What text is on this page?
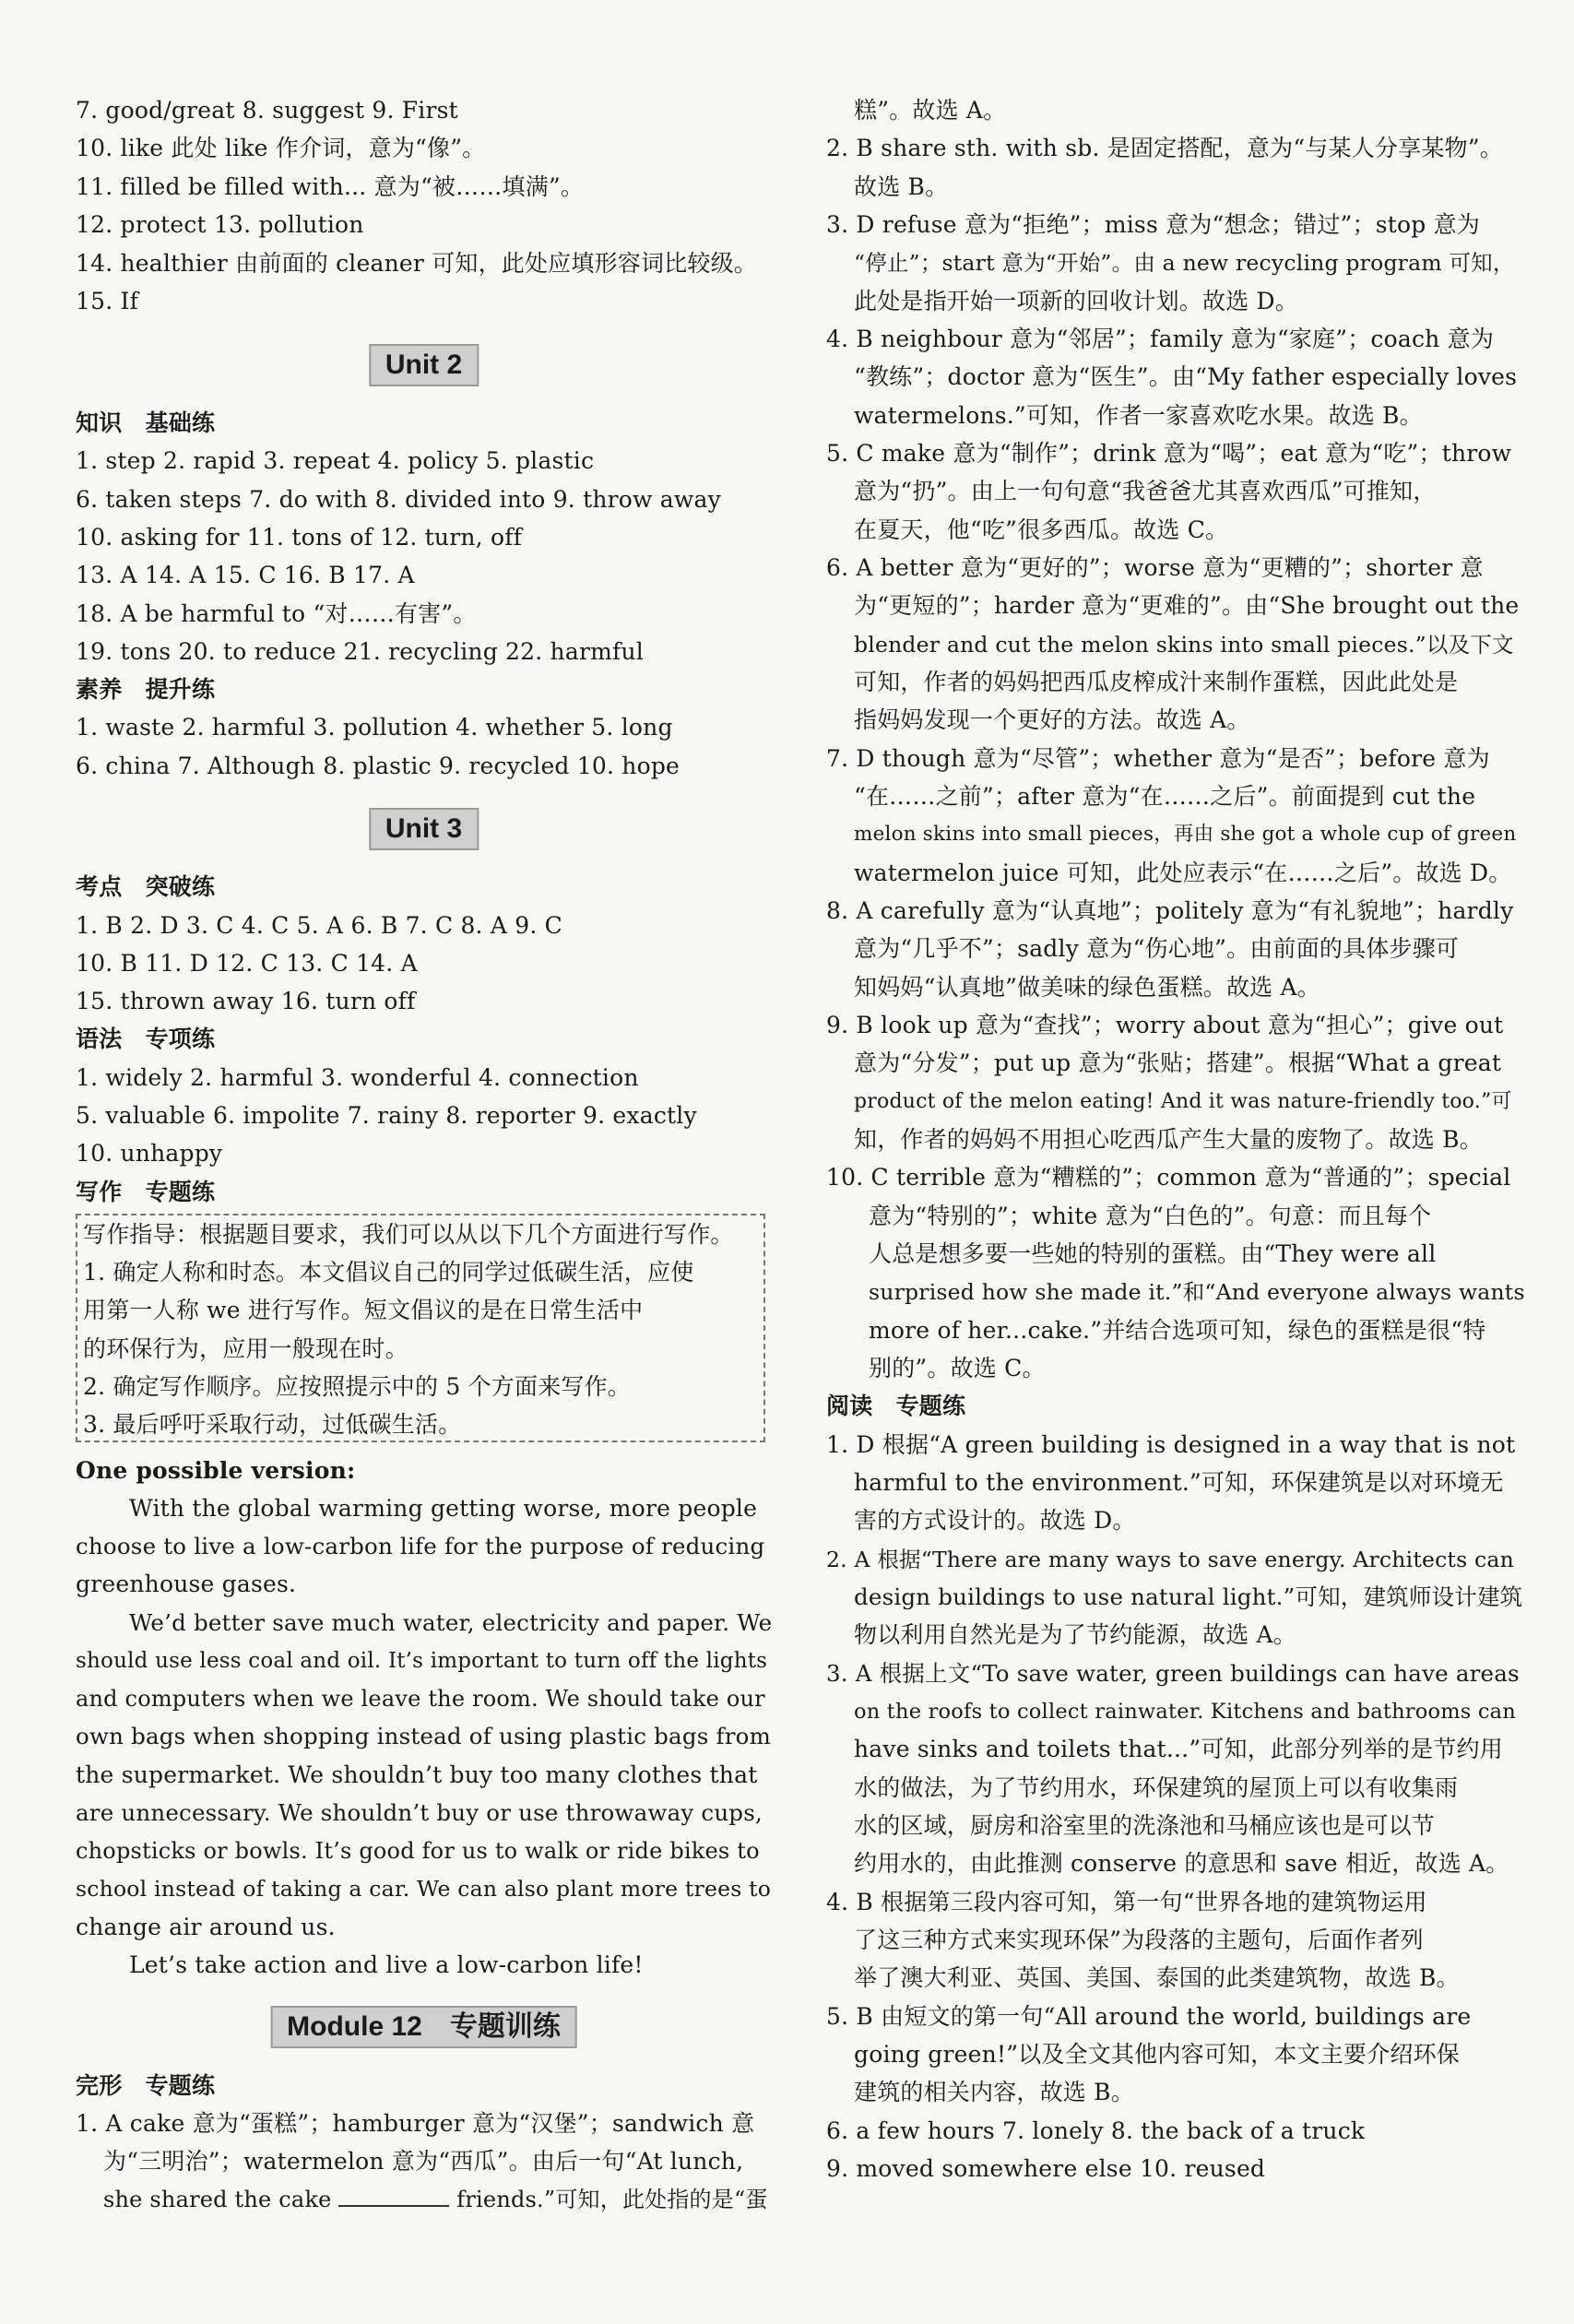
7. good/great 8. suggest 9. First
10. like 此处 like 作介词，意为“像”。
11. filled be filled with... 意为“被……填满”。
12. protect 13. pollution
14. healthier 由前面的 cleaner 可知，此处应填形容词比较级。
15. If
Unit 2
知识　基础练
1. step 2. rapid 3. repeat 4. policy 5. plastic
6. taken steps 7. do with 8. divided into 9. throw away
10. asking for 11. tons of 12. turn, off
13. A 14. A 15. C 16. B 17. A
18. A be harmful to “对……有害”。
19. tons 20. to reduce 21. recycling 22. harmful
素养　提升练
1. waste 2. harmful 3. pollution 4. whether 5. long
6. china 7. Although 8. plastic 9. recycled 10. hope
Unit 3
考点　突破练
1. B 2. D 3. C 4. C 5. A 6. B 7. C 8. A 9. C
10. B 11. D 12. C 13. C 14. A
15. thrown away 16. turn off
语法　专项练
1. widely 2. harmful 3. wonderful 4. connection
5. valuable 6. impolite 7. rainy 8. reporter 9. exactly
10. unhappy
写作　专题练
写作指导：根据题目要求，我们可以从以下几个方面进行写作。
1. 确定人称和时态。本文倡议自己的同学过低碳生活，应使
用第一人称 we 进行写作。短文倡议的是在日常生活中
的环保行为，应用一般现在时。
2. 确定写作顺序。应按照提示中的 5 个方面来写作。
3. 最后呼吁采取行动，过低碳生活。
One possible version:
With the global warming getting worse, more people
choose to live a low-carbon life for the purpose of reducing
greenhouse gases.
We’d better save much water, electricity and paper. We
should use less coal and oil. It’s important to turn off the lights
and computers when we leave the room. We should take our
own bags when shopping instead of using plastic bags from
the supermarket. We shouldn’t buy too many clothes that
are unnecessary. We shouldn’t buy or use throwaway cups,
chopsticks or bowls. It’s good for us to walk or ride bikes to
school instead of taking a car. We can also plant more trees to
change air around us.
Let’s take action and live a low-carbon life!
Module 12　专题训练
完形　专题练
1. A cake 意为“蛋糕”；hamburger 意为“汉堡”；sandwich 意
为“三明治”；watermelon 意为“西瓜”。由后一句“At lunch,
she shared the cake	friends.”可知，此处指的是“蛋
糕”。故选 A。
2. B share sth. with sb. 是固定搭配，意为“与某人分享某物”。
故选 B。
3. D refuse 意为“拒绝”；miss 意为“想念；错过”；stop 意为
“停止”；start 意为“开始”。由 a new recycling program 可知，
此处是指开始一项新的回收计划。故选 D。
4. B neighbour 意为“邻居”；family 意为“家庭”；coach 意为
“教练”；doctor 意为“医生”。由“My father especially loves
watermelons.”可知，作者一家喜欢吃水果。故选 B。
5. C make 意为“制作”；drink 意为“喝”；eat 意为“吃”；throw
意为“扔”。由上一句句意“我爸爸尤其喜欢西瓜”可推知，
在夏天，他“吃”很多西瓜。故选 C。
6. A better 意为“更好的”；worse 意为“更糟的”；shorter 意
为“更短的”；harder 意为“更难的”。由“She brought out the
blender and cut the melon skins into small pieces.”以及下文
可知，作者的妈妈把西瓜皮榨成汁来制作蛋糕，因此此处是
指妈妈发现一个更好的方法。故选 A。
7. D though 意为“尽管”；whether 意为“是否”；before 意为
“在……之前”；after 意为“在……之后”。前面提到 cut the
melon skins into small pieces，再由 she got a whole cup of green
watermelon juice 可知，此处应表示“在……之后”。故选 D。
8. A carefully 意为“认真地”；politely 意为“有礼貌地”；hardly
意为“几乎不”；sadly 意为“伤心地”。由前面的具体步骤可
知妈妈“认真地”做美味的绿色蛋糕。故选 A。
9. B look up 意为“查找”；worry about 意为“担心”；give out
意为“分发”；put up 意为“张贴；搭建”。根据“What a great
product of the melon eating! And it was nature-friendly too.”可
知，作者的妈妈不用担心吃西瓜产生大量的废物了。故选 B。
10. C terrible 意为“糟糕的”；common 意为“普通的”；special
意为“特别的”；white 意为“白色的”。句意：而且每个
人总是想多要一些她的特别的蛋糕。由“They were all
surprised how she made it.”和“And everyone always wants
more of her...cake.”并结合选项可知，绿色的蛋糕是很“特
别的”。故选 C。
阅读　专题练
1. D 根据“A green building is designed in a way that is not
harmful to the environment.”可知，环保建筑是以对环境无
害的方式设计的。故选 D。
2. A 根据“There are many ways to save energy. Architects can
design buildings to use natural light.”可知，建筑师设计建筑
物以利用自然光是为了节约能源，故选 A。
3. A 根据上文“To save water, green buildings can have areas
on the roofs to collect rainwater. Kitchens and bathrooms can
have sinks and toilets that...”可知，此部分列举的是节约用
水的做法，为了节约用水，环保建筑的屋顶上可以有收集雨
水的区域，厨房和浴室里的洗涤池和马桶应该也是可以节
约用水的，由此推测 conserve 的意思和 save 相近，故选 A。
4. B 根据第三段内容可知，第一句“世界各地的建筑物运用
了这三种方式来实现环保”为段落的主题句，后面作者列
举了澳大利亚、英国、美国、泰国的此类建筑物，故选 B。
5. B 由短文的第一句“All around the world, buildings are
going green!”以及全文其他内容可知，本文主要介绍环保
建筑的相关内容，故选 B。
6. a few hours 7. lonely 8. the back of a truck
9. moved somewhere else 10. reused
